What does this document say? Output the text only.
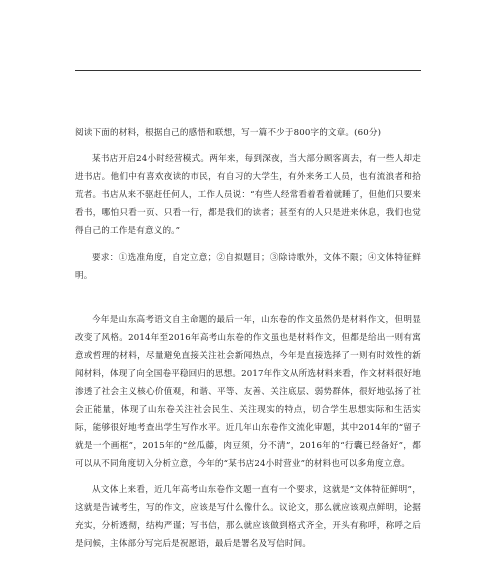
阅读下面的材料，根据自己的感悟和联想，写一篇不少于800字的文章。(60分)

某书店开启24小时经营模式。两年来，每到深夜，当大部分顾客离去，有一些人却走进书店。他们中有喜欢夜读的市民，有自习的大学生，有外来务工人员，也有流浪者和拾荒者。书店从来不驱赶任何人，工作人员说：“有些人经常看着看着就睡了，但他们只要来看书，哪怕只看一页、只看一行，都是我们的读者；甚至有的人只是进来休息，我们也觉得自己的工作是有意义的。”

要求：①选准角度，自定立意；②自拟题目；③除诗歌外，文体不限；④文体特征鲜明。

今年是山东高考语文自主命题的最后一年，山东卷的作文虽然仍是材料作文，但明显改变了风格。2014年至2016年高考山东卷的作文虽也是材料作文，但都是给出一则有寓意或哲理的材料，尽量避免直接关注社会新闻热点，今年是直接选择了一则有时效性的新闻材料，体现了向全国卷平稳回归的思想。2017年作文从所选材料来看，作文材料很好地渗透了社会主义核心价值观，和谐、平等、友善、关注底层、弱势群体，很好地弘扬了社会正能量，体现了山东卷关注社会民生、关注现实的特点，切合学生思想实际和生活实际，能够很好地考查出学生写作水平。近几年山东卷作文流化审题，其中2014年的“留子就是一个画框”，2015年的“丝瓜藤，肉豆须，分不清”，2016年的“行囊已经备好”，都可以从不同角度切入分析立意，今年的“某书店24小时营业”的材料也可以多角度立意。

从文体上来看，近几年高考山东卷作文题一直有一个要求，这就是“文体特征鲜明”，这就是告诫考生，写的作文，应该是写什么像什么。议论文，那么就应该观点鲜明，论据充实，分析透彻，结构严谨；写书信，那么就应该做到格式齐全，开头有称呼，称呼之后是问候，主体部分写完后是祝愿语，最后是署名及写信时间。
